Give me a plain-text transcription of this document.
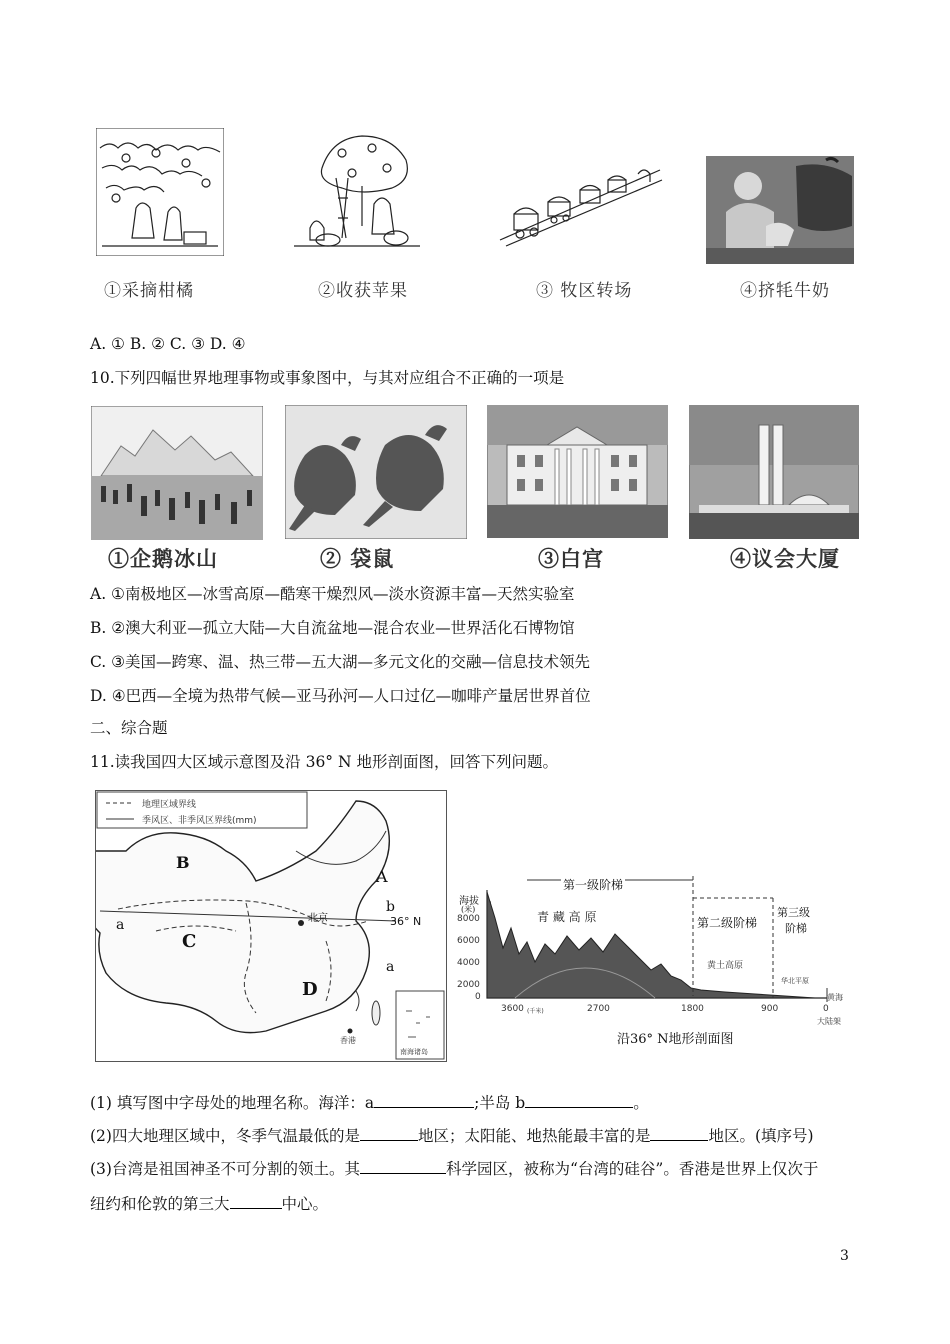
①采摘柑橘	②收获苹果	③ 牧区转场	④挤牦牛奶
A. ① B. ② C. ③ D. ④
10.下列四幅世界地理事物或事象图中，与其对应组合不正确的一项是
①企鹅冰山	② 袋鼠	③白宫	④议会大厦
A. ①南极地区—冰雪高原—酷寒干燥烈风—淡水资源丰富—天然实验室
B. ②澳大利亚—孤立大陆—大自流盆地—混合农业—世界活化石博物馆
C. ③美国—跨寒、温、热三带—五大湖—多元文化的交融—信息技术领先
D. ④巴西—全境为热带气候—亚马孙河—人口过亿—咖啡产量居世界首位
二、综合题
11.读我国四大区域示意图及沿 36° N 地形剖面图，回答下列问题。
地理区域界线
季风区、非季风区界线(mm)
B
A
b
a
C
北京	36° N
a
D
香港
南海诸岛
第一级阶梯
海拔
(米)
8000
6000
4000
2000
0
青 藏 高 原	第二级阶梯
第三级
阶梯
黄土高原
华北平原
黄海
3600 (千米)	2700	1800	900	0
大陆架
沿36° N地形剖面图
(1) 填写图中字母处的地理名称。海洋：a	;半岛 b	。
(2)四大地理区域中，冬季气温最低的是	地区；太阳能、地热能最丰富的是	地区。(填序号)
(3)台湾是祖国神圣不可分割的领土。其	科学园区，被称为“台湾的硅谷”。香港是世界上仅次于
纽约和伦敦的第三大	中心。
3
